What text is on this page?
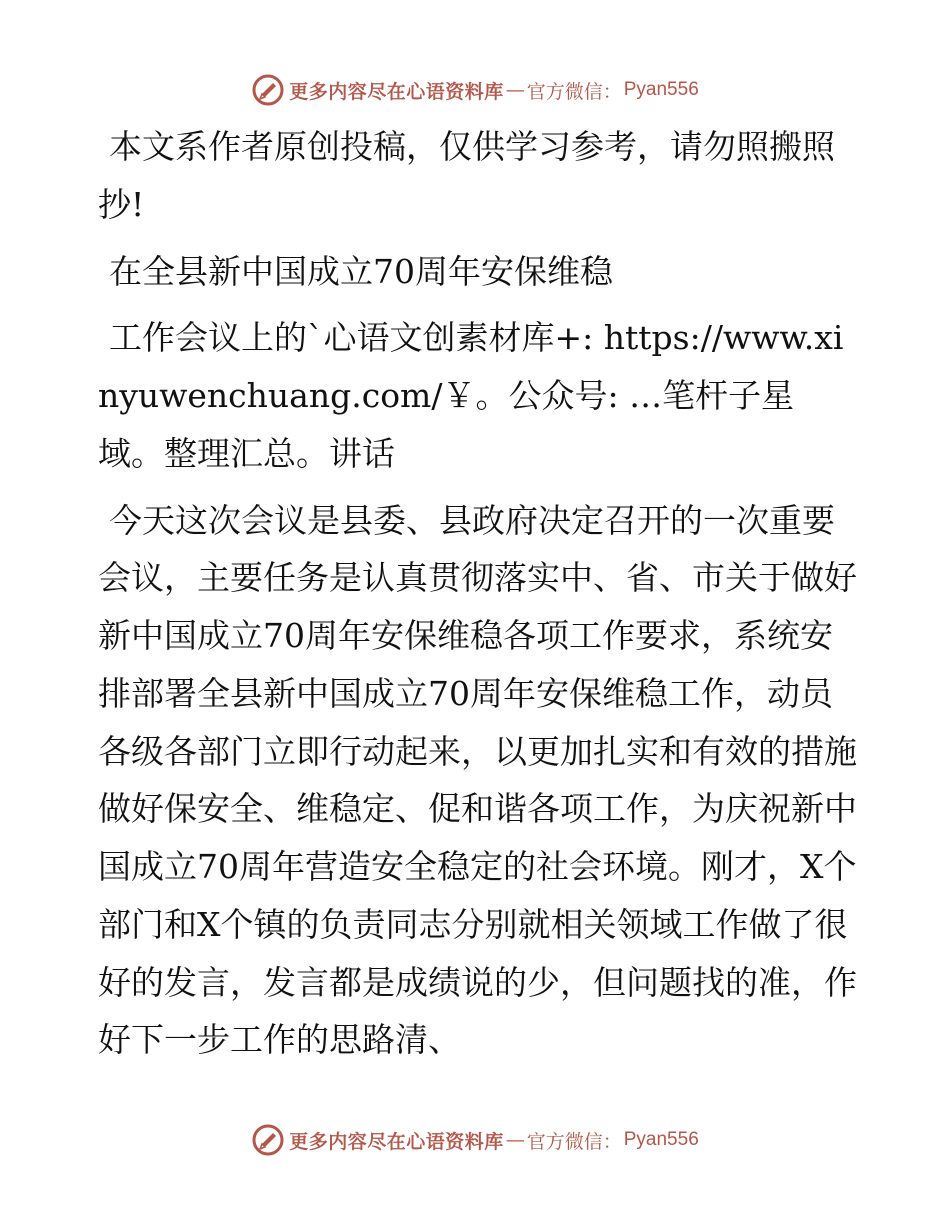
更多内容尽在心语资料库 — 官方微信： Pyan556

本文系作者原创投稿，仅供学习参考，请勿照搬照抄!

在全县新中国成立70周年安保维稳

工作会议上的`心语文创素材库+: https://www.xinyuwenchuang.com/￥。公众号: …笔杆子星域。整理汇总。讲话

今天这次会议是县委、县政府决定召开的一次重要会议，主要任务是认真贯彻落实中、省、市关于做好新中国成立70周年安保维稳各项工作要求，系统安排部署全县新中国成立70周年安保维稳工作，动员各级各部门立即行动起来，以更加扎实和有效的措施做好保安全、维稳定、促和谐各项工作，为庆祝新中国成立70周年营造安全稳定的社会环境。刚才，X个部门和X个镇的负责同志分别就相关领域工作做了很好的发言，发言都是成绩说的少，但问题找的准，作好下一步工作的思路清、

更多内容尽在心语资料库 — 官方微信： Pyan556
